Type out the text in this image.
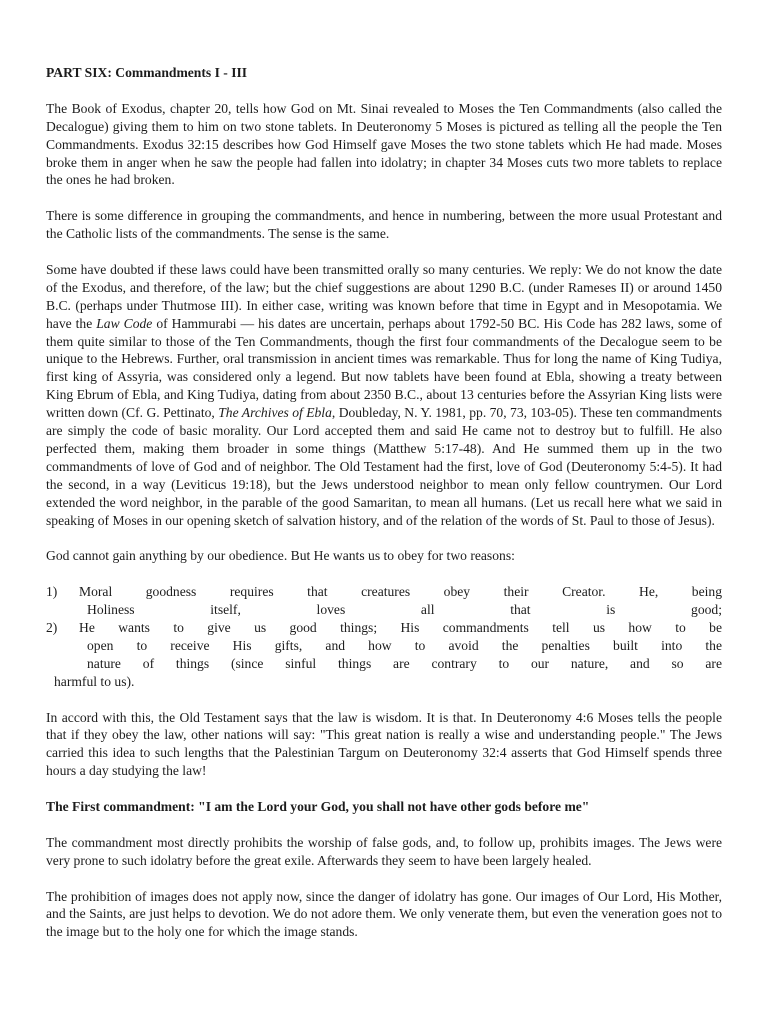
PART SIX: Commandments I - III

The Book of Exodus, chapter 20, tells how God on Mt. Sinai revealed to Moses the Ten Commandments (also called the Decalogue) giving them to him on two stone tablets. In Deuteronomy 5 Moses is pictured as telling all the people the Ten Commandments. Exodus 32:15 describes how God Himself gave Moses the two stone tablets which He had made. Moses broke them in anger when he saw the people had fallen into idolatry; in chapter 34 Moses cuts two more tablets to replace the ones he had broken.

There is some difference in grouping the commandments, and hence in numbering, between the more usual Protestant and the Catholic lists of the commandments. The sense is the same.

Some have doubted if these laws could have been transmitted orally so many centuries. We reply: We do not know the date of the Exodus, and therefore, of the law; but the chief suggestions are about 1290 B.C. (under Rameses II) or around 1450 B.C. (perhaps under Thutmose III). In either case, writing was known before that time in Egypt and in Mesopotamia. We have the Law Code of Hammurabi — his dates are uncertain, perhaps about 1792-50 BC. His Code has 282 laws, some of them quite similar to those of the Ten Commandments, though the first four commandments of the Decalogue seem to be unique to the Hebrews. Further, oral transmission in ancient times was remarkable. Thus for long the name of King Tudiya, first king of Assyria, was considered only a legend. But now tablets have been found at Ebla, showing a treaty between King Ebrum of Ebla, and King Tudiya, dating from about 2350 B.C., about 13 centuries before the Assyrian King lists were written down (Cf. G. Pettinato, The Archives of Ebla, Doubleday, N. Y. 1981, pp. 70, 73, 103-05). These ten commandments are simply the code of basic morality. Our Lord accepted them and said He came not to destroy but to fulfill. He also perfected them, making them broader in some things (Matthew 5:17-48). And He summed them up in the two commandments of love of God and of neighbor. The Old Testament had the first, love of God (Deuteronomy 5:4-5). It had the second, in a way (Leviticus 19:18), but the Jews understood neighbor to mean only fellow countrymen. Our Lord extended the word neighbor, in the parable of the good Samaritan, to mean all humans. (Let us recall here what we said in speaking of Moses in our opening sketch of salvation history, and of the relation of the words of St. Paul to those of Jesus).

God cannot gain anything by our obedience. But He wants us to obey for two reasons:

1)	Moral goodness requires that creatures obey their Creator. He, being
Holiness itself, loves all that is good;
2)	He wants to give us good things; His commandments tell us how to be
open to receive His gifts, and how to avoid the penalties built into the
nature of things (since sinful things are contrary to our nature, and so are
harmful to us).

In accord with this, the Old Testament says that the law is wisdom. It is that. In Deuteronomy 4:6 Moses tells the people that if they obey the law, other nations will say: "This great nation is really a wise and understanding people." The Jews carried this idea to such lengths that the Palestinian Targum on Deuteronomy 32:4 asserts that God Himself spends three hours a day studying the law!

The First commandment: "I am the Lord your God, you shall not have other gods before me"

The commandment most directly prohibits the worship of false gods, and, to follow up, prohibits images. The Jews were very prone to such idolatry before the great exile. Afterwards they seem to have been largely healed.

The prohibition of images does not apply now, since the danger of idolatry has gone. Our images of Our Lord, His Mother, and the Saints, are just helps to devotion. We do not adore them. We only venerate them, but even the veneration goes not to the image but to the holy one for which the image stands.
